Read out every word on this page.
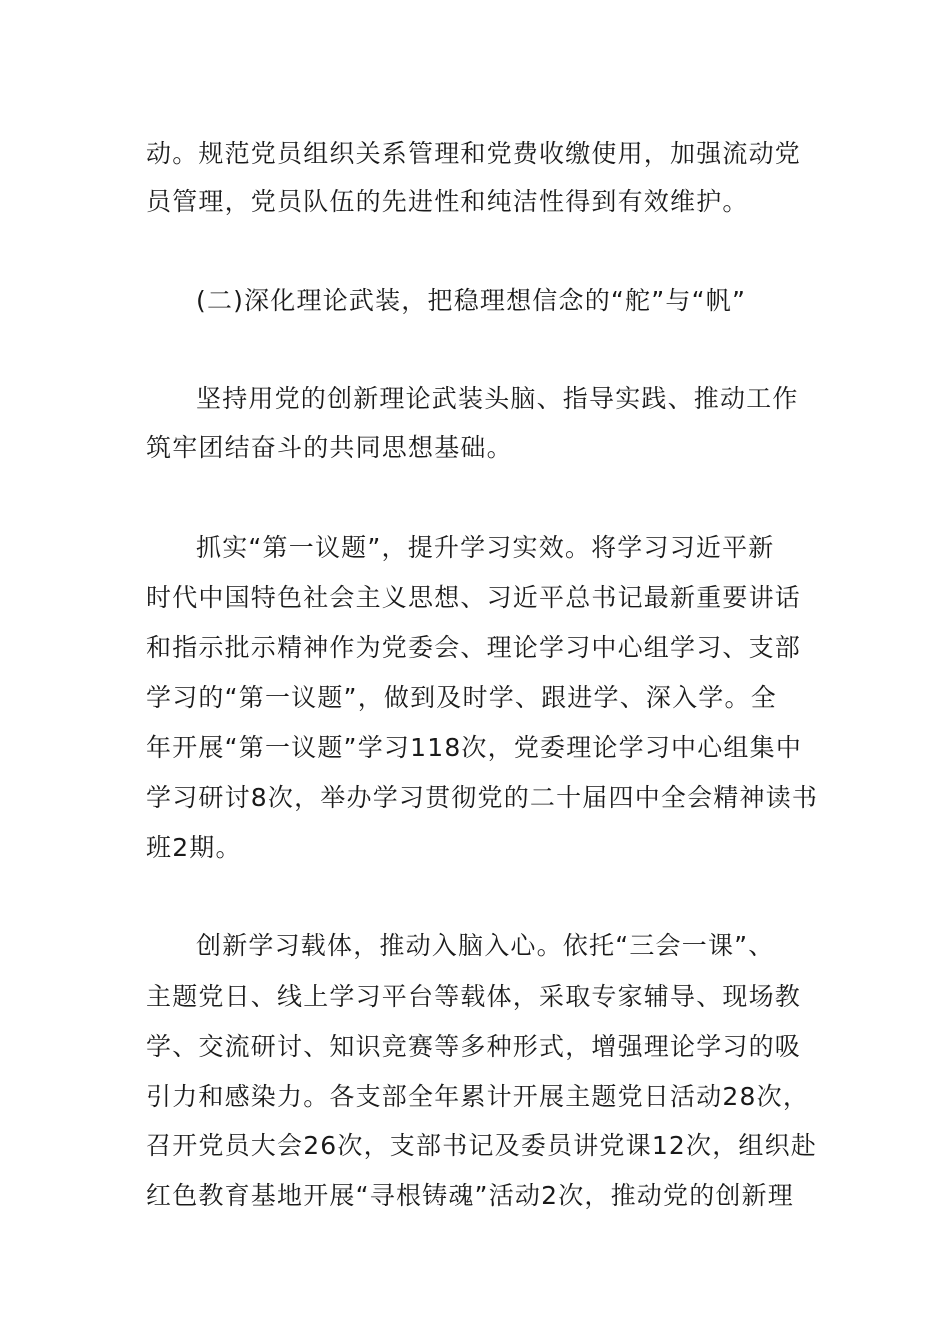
动。规范党员组织关系管理和党费收缴使用，加强流动党
员管理，党员队伍的先进性和纯洁性得到有效维护。
(二)深化理论武装，把稳理想信念的“舵”与“帆”
坚持用党的创新理论武装头脑、指导实践、推动工作
筑牢团结奋斗的共同思想基础。
抓实“第一议题”，提升学习实效。将学习习近平新
时代中国特色社会主义思想、习近平总书记最新重要讲话
和指示批示精神作为党委会、理论学习中心组学习、支部
学习的“第一议题”，做到及时学、跟进学、深入学。全
年开展“第一议题”学习118次，党委理论学习中心组集中
学习研讨8次，举办学习贯彻党的二十届四中全会精神读书
班2期。
创新学习载体，推动入脑入心。依托“三会一课”、
主题党日、线上学习平台等载体，采取专家辅导、现场教
学、交流研讨、知识竞赛等多种形式，增强理论学习的吸
引力和感染力。各支部全年累计开展主题党日活动28次，
召开党员大会26次，支部书记及委员讲党课12次，组织赴
红色教育基地开展“寻根铸魂”活动2次，推动党的创新理
